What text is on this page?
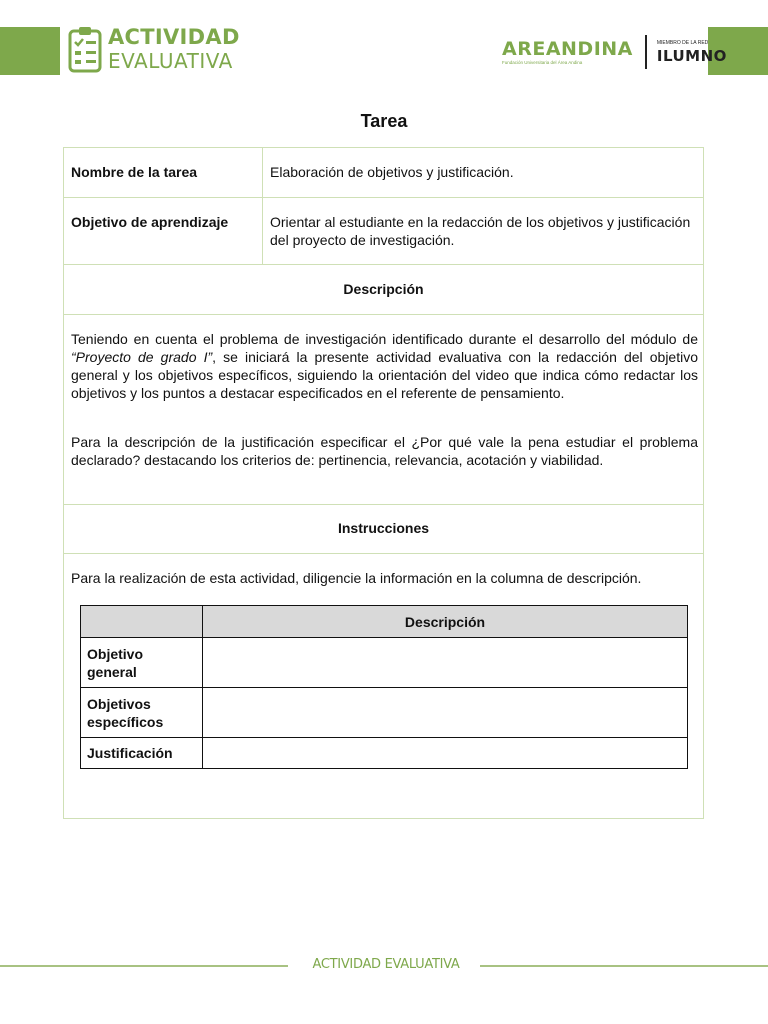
ACTIVIDAD
EVALUATIVA	AREANDINA
Fundación Universitaria del Área Andina
MIEMBRO DE LA RED
ILUMNO
Tarea
Nombre de la tarea	Elaboración de objetivos y justificación.
Objetivo de aprendizaje	Orientar al estudiante en la redacción de los objetivos y justificación del proyecto de investigación.
Descripción
Teniendo en cuenta el problema de investigación identificado durante el desarrollo del módulo de “Proyecto de grado I”, se iniciará la presente actividad evaluativa con la redacción del objetivo general y los objetivos específicos, siguiendo la orientación del video que indica cómo redactar los objetivos y los puntos a destacar especificados en el referente de pensamiento.
Para la descripción de la justificación especificar el ¿Por qué vale la pena estudiar el problema declarado? destacando los criterios de: pertinencia, relevancia, acotación y viabilidad.
Instrucciones
Para la realización de esta actividad, diligencie la información en la columna de descripción.
	Descripción
Objetivo general	
Objetivos específicos	
Justificación	
ACTIVIDAD EVALUATIVA
